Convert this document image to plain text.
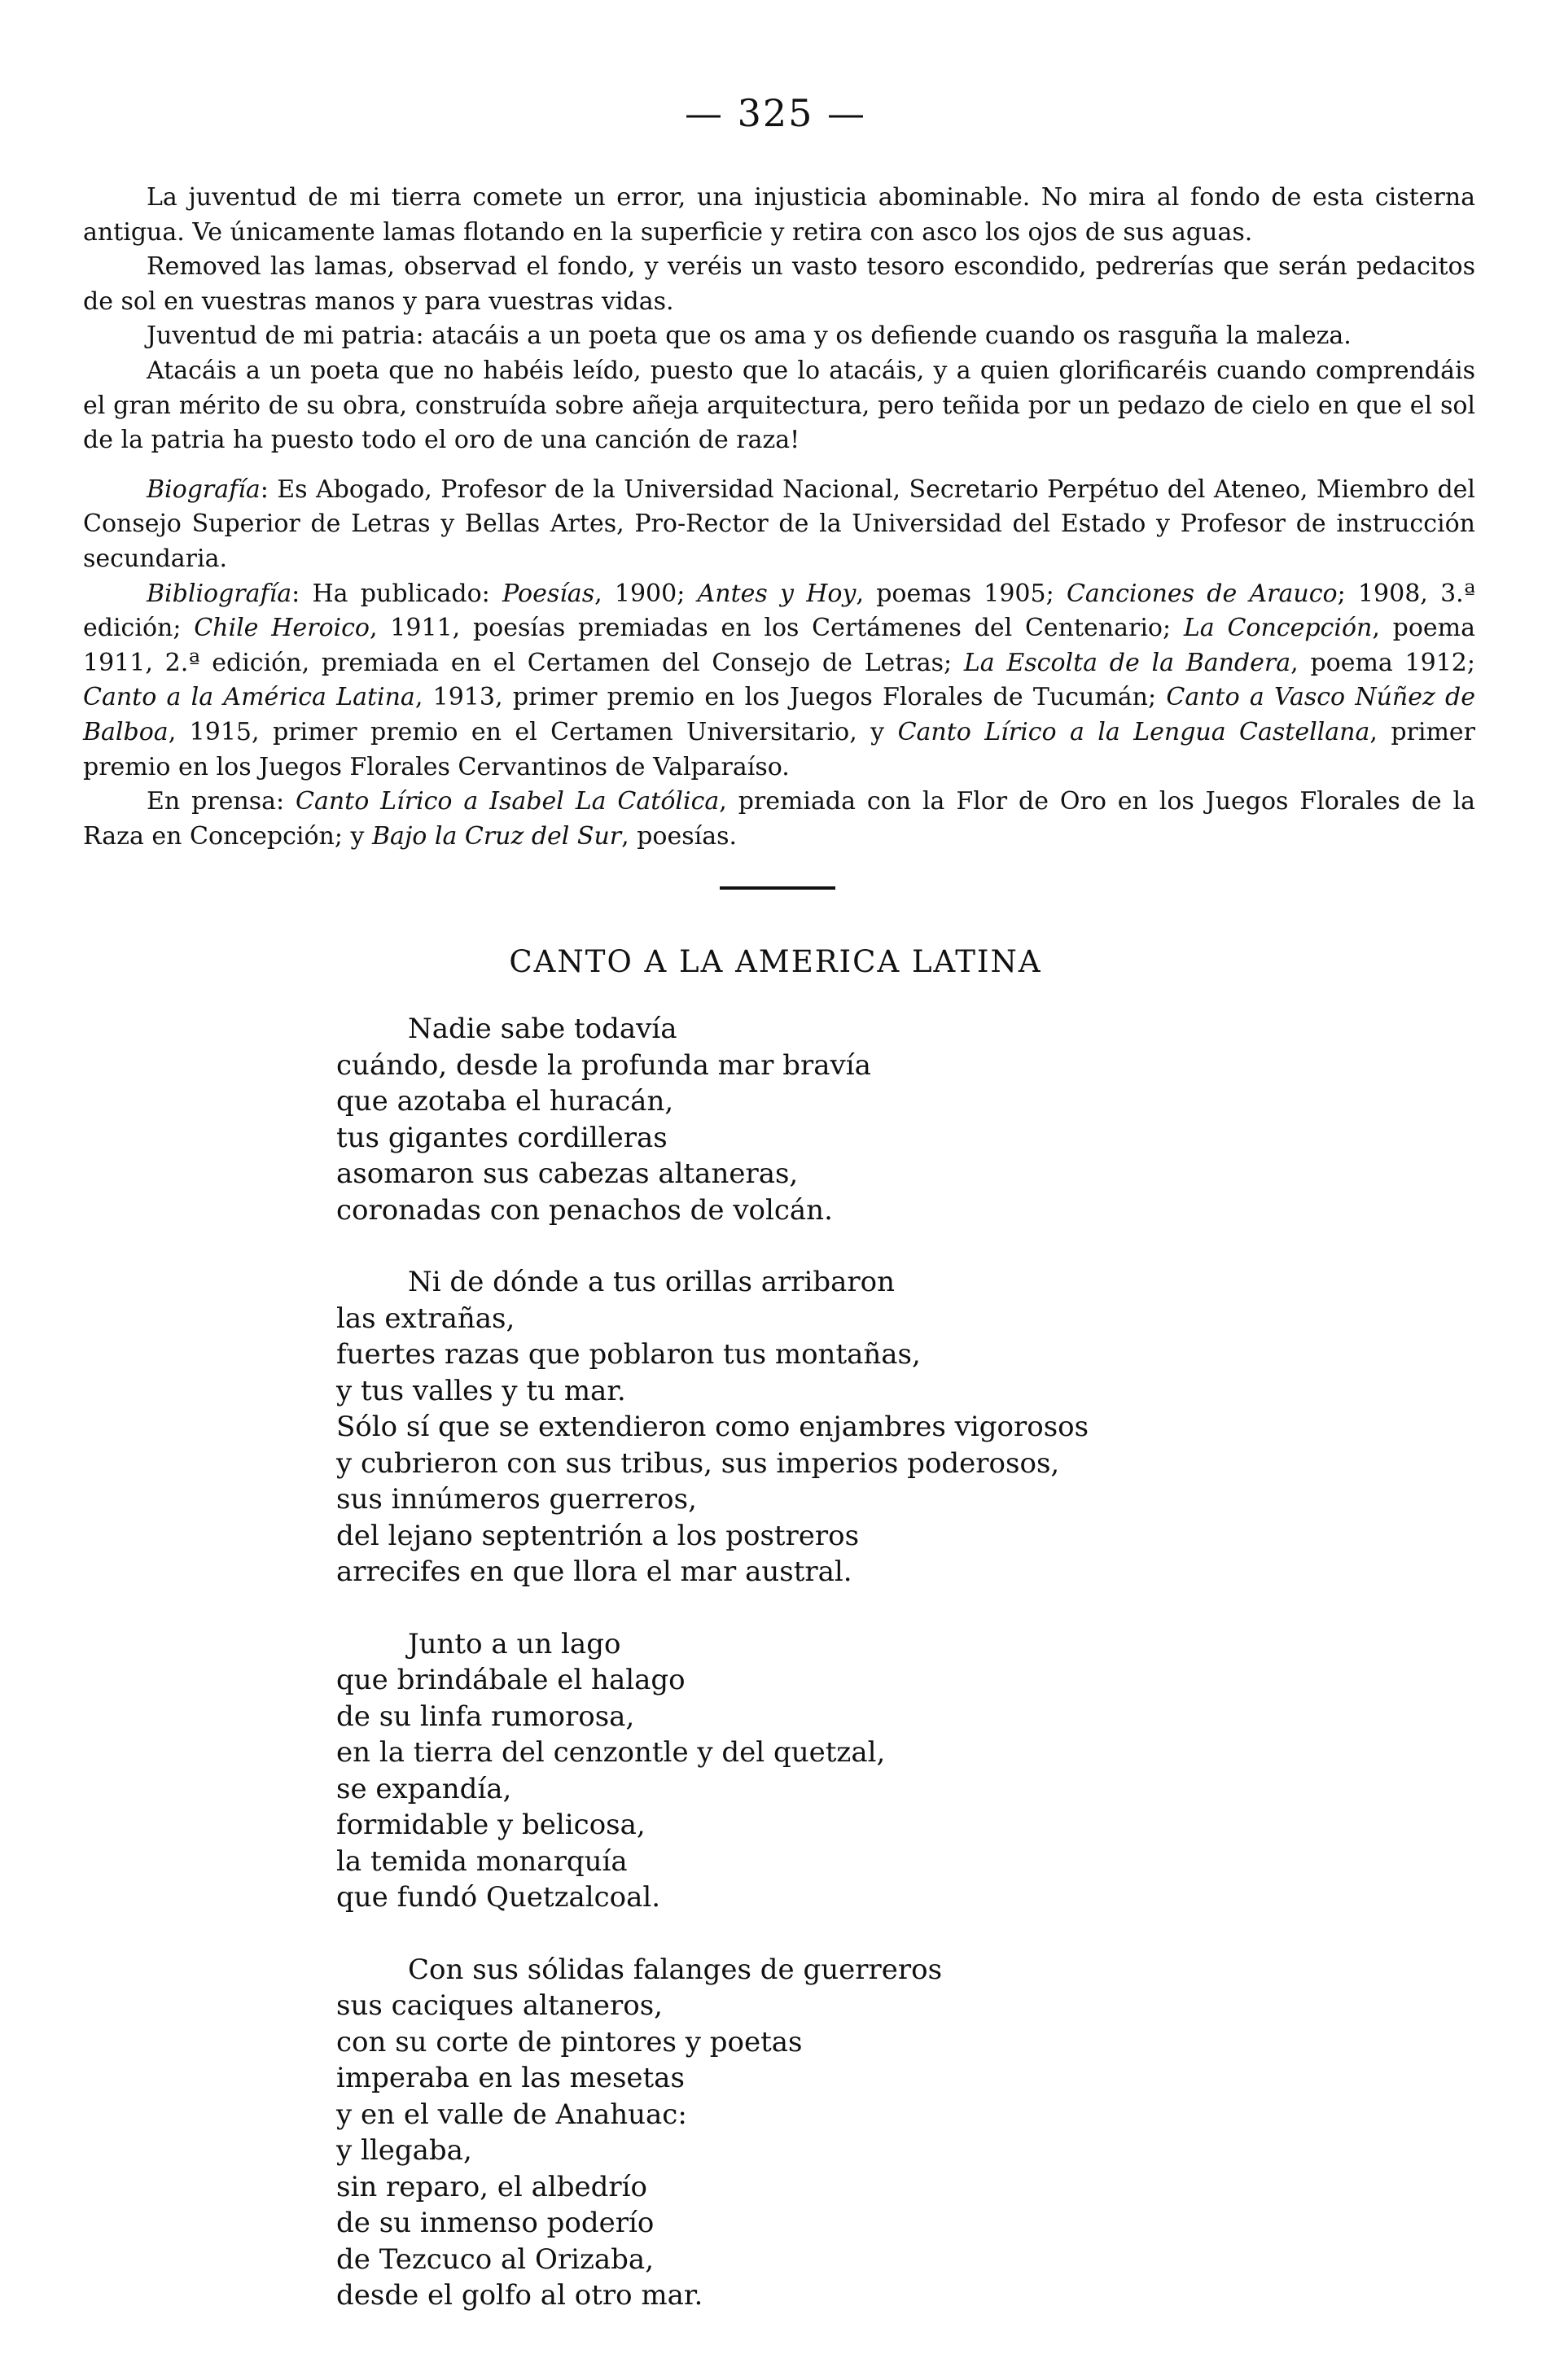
— 325 —

La juventud de mi tierra comete un error, una injusticia abominable. No mira al fondo de esta cisterna antigua. Ve únicamente lamas flotando en la superficie y retira con asco los ojos de sus aguas.

Removed las lamas, observad el fondo, y veréis un vasto tesoro escondido, pedrerías que serán pedacitos de sol en vuestras manos y para vuestras vidas.

Juventud de mi patria: atacáis a un poeta que os ama y os defiende cuando os rasguña la maleza.

Atacáis a un poeta que no habéis leído, puesto que lo atacáis, y a quien glorificaréis cuando comprendáis el gran mérito de su obra, construída sobre añeja arquitectura, pero teñida por un pedazo de cielo en que el sol de la patria ha puesto todo el oro de una canción de raza!

Biografía: Es Abogado, Profesor de la Universidad Nacional, Secretario Perpétuo del Ateneo, Miembro del Consejo Superior de Letras y Bellas Artes, Pro-Rector de la Universidad del Estado y Profesor de instrucción secundaria.

Bibliografía: Ha publicado: Poesías, 1900; Antes y Hoy, poemas 1905; Canciones de Arauco; 1908, 3.ª edición; Chile Heroico, 1911, poesías premiadas en los Certámenes del Centenario; La Concepción, poema 1911, 2.ª edición, premiada en el Certamen del Consejo de Letras; La Escolta de la Bandera, poema 1912; Canto a la América Latina, 1913, primer premio en los Juegos Florales de Tucumán; Canto a Vasco Núñez de Balboa, 1915, primer premio en el Certamen Universitario, y Canto Lírico a la Lengua Castellana, primer premio en los Juegos Florales Cervantinos de Valparaíso.

En prensa: Canto Lírico a Isabel La Católica, premiada con la Flor de Oro en los Juegos Florales de la Raza en Concepción; y Bajo la Cruz del Sur, poesías.

CANTO A LA AMERICA LATINA
Nadie sabe todavía
cuándo, desde la profunda mar bravía
que azotaba el huracán,
tus gigantes cordilleras
asomaron sus cabezas altaneras,
coronadas con penachos de volcán.
Ni de dónde a tus orillas arribaron
las extrañas,
fuertes razas que poblaron tus montañas,
y tus valles y tu mar.
Sólo sí que se extendieron como enjambres vigorosos
y cubrieron con sus tribus, sus imperios poderosos,
sus innúmeros guerreros,
del lejano septentrión a los postreros
arrecifes en que llora el mar austral.
Junto a un lago
que brindábale el halago
de su linfa rumorosa,
en la tierra del cenzontle y del quetzal,
se expandía,
formidable y belicosa,
la temida monarquía
que fundó Quetzalcoal.
Con sus sólidas falanges de guerreros
sus caciques altaneros,
con su corte de pintores y poetas
imperaba en las mesetas
y en el valle de Anahuac:
y llegaba,
sin reparo, el albedrío
de su inmenso poderío
de Tezcuco al Orizaba,
desde el golfo al otro mar.
